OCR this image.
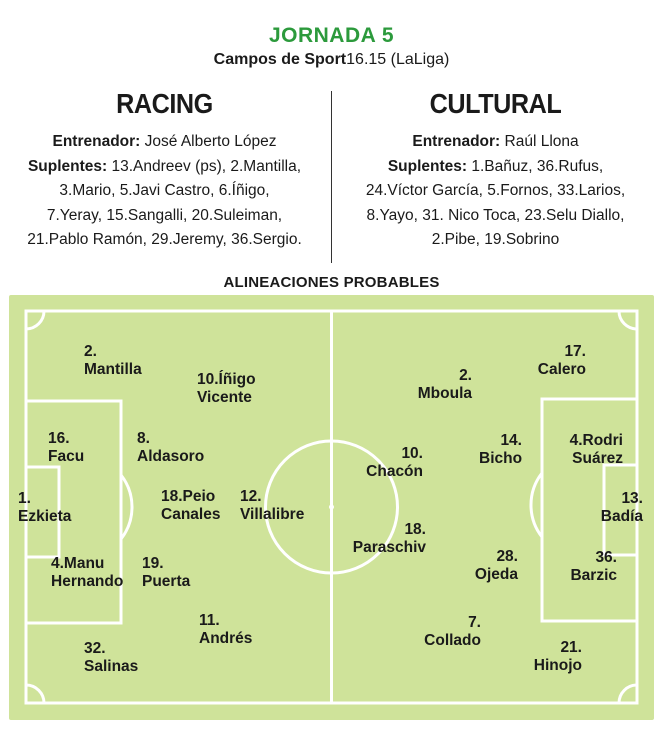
JORNADA 5
Campos de Sport16.15 (LaLiga)
RACING
Entrenador: José Alberto López
Suplentes: 13.Andreev (ps), 2.Mantilla,
3.Mario, 5.Javi Castro, 6.Íñigo,
7.Yeray, 15.Sangalli, 20.Suleiman,
21.Pablo Ramón, 29.Jeremy, 36.Sergio.
CULTURAL
Entrenador: Raúl Llona
Suplentes: 1.Bañuz, 36.Rufus,
24.Víctor García, 5.Fornos, 33.Larios,
8.Yayo, 31. Nico Toca, 23.Selu Diallo,
2.Pibe, 19.Sobrino
ALINEACIONES PROBABLES
2.
Mantilla
10.Íñigo
Vicente
16.
Facu
8.
Aldasoro
1.
Ezkieta
18.Peio
Canales
12.
Villalibre
4.Manu
Hernando
19.
Puerta
11.
Andrés
32.
Salinas
17.
Calero
2.
Mboula
10.
Chacón
14.
Bicho
4.Rodri
Suárez
13.
Badía
18.
Paraschiv
28.
Ojeda
36.
Barzic
7.
Collado	21.
Hinojo
